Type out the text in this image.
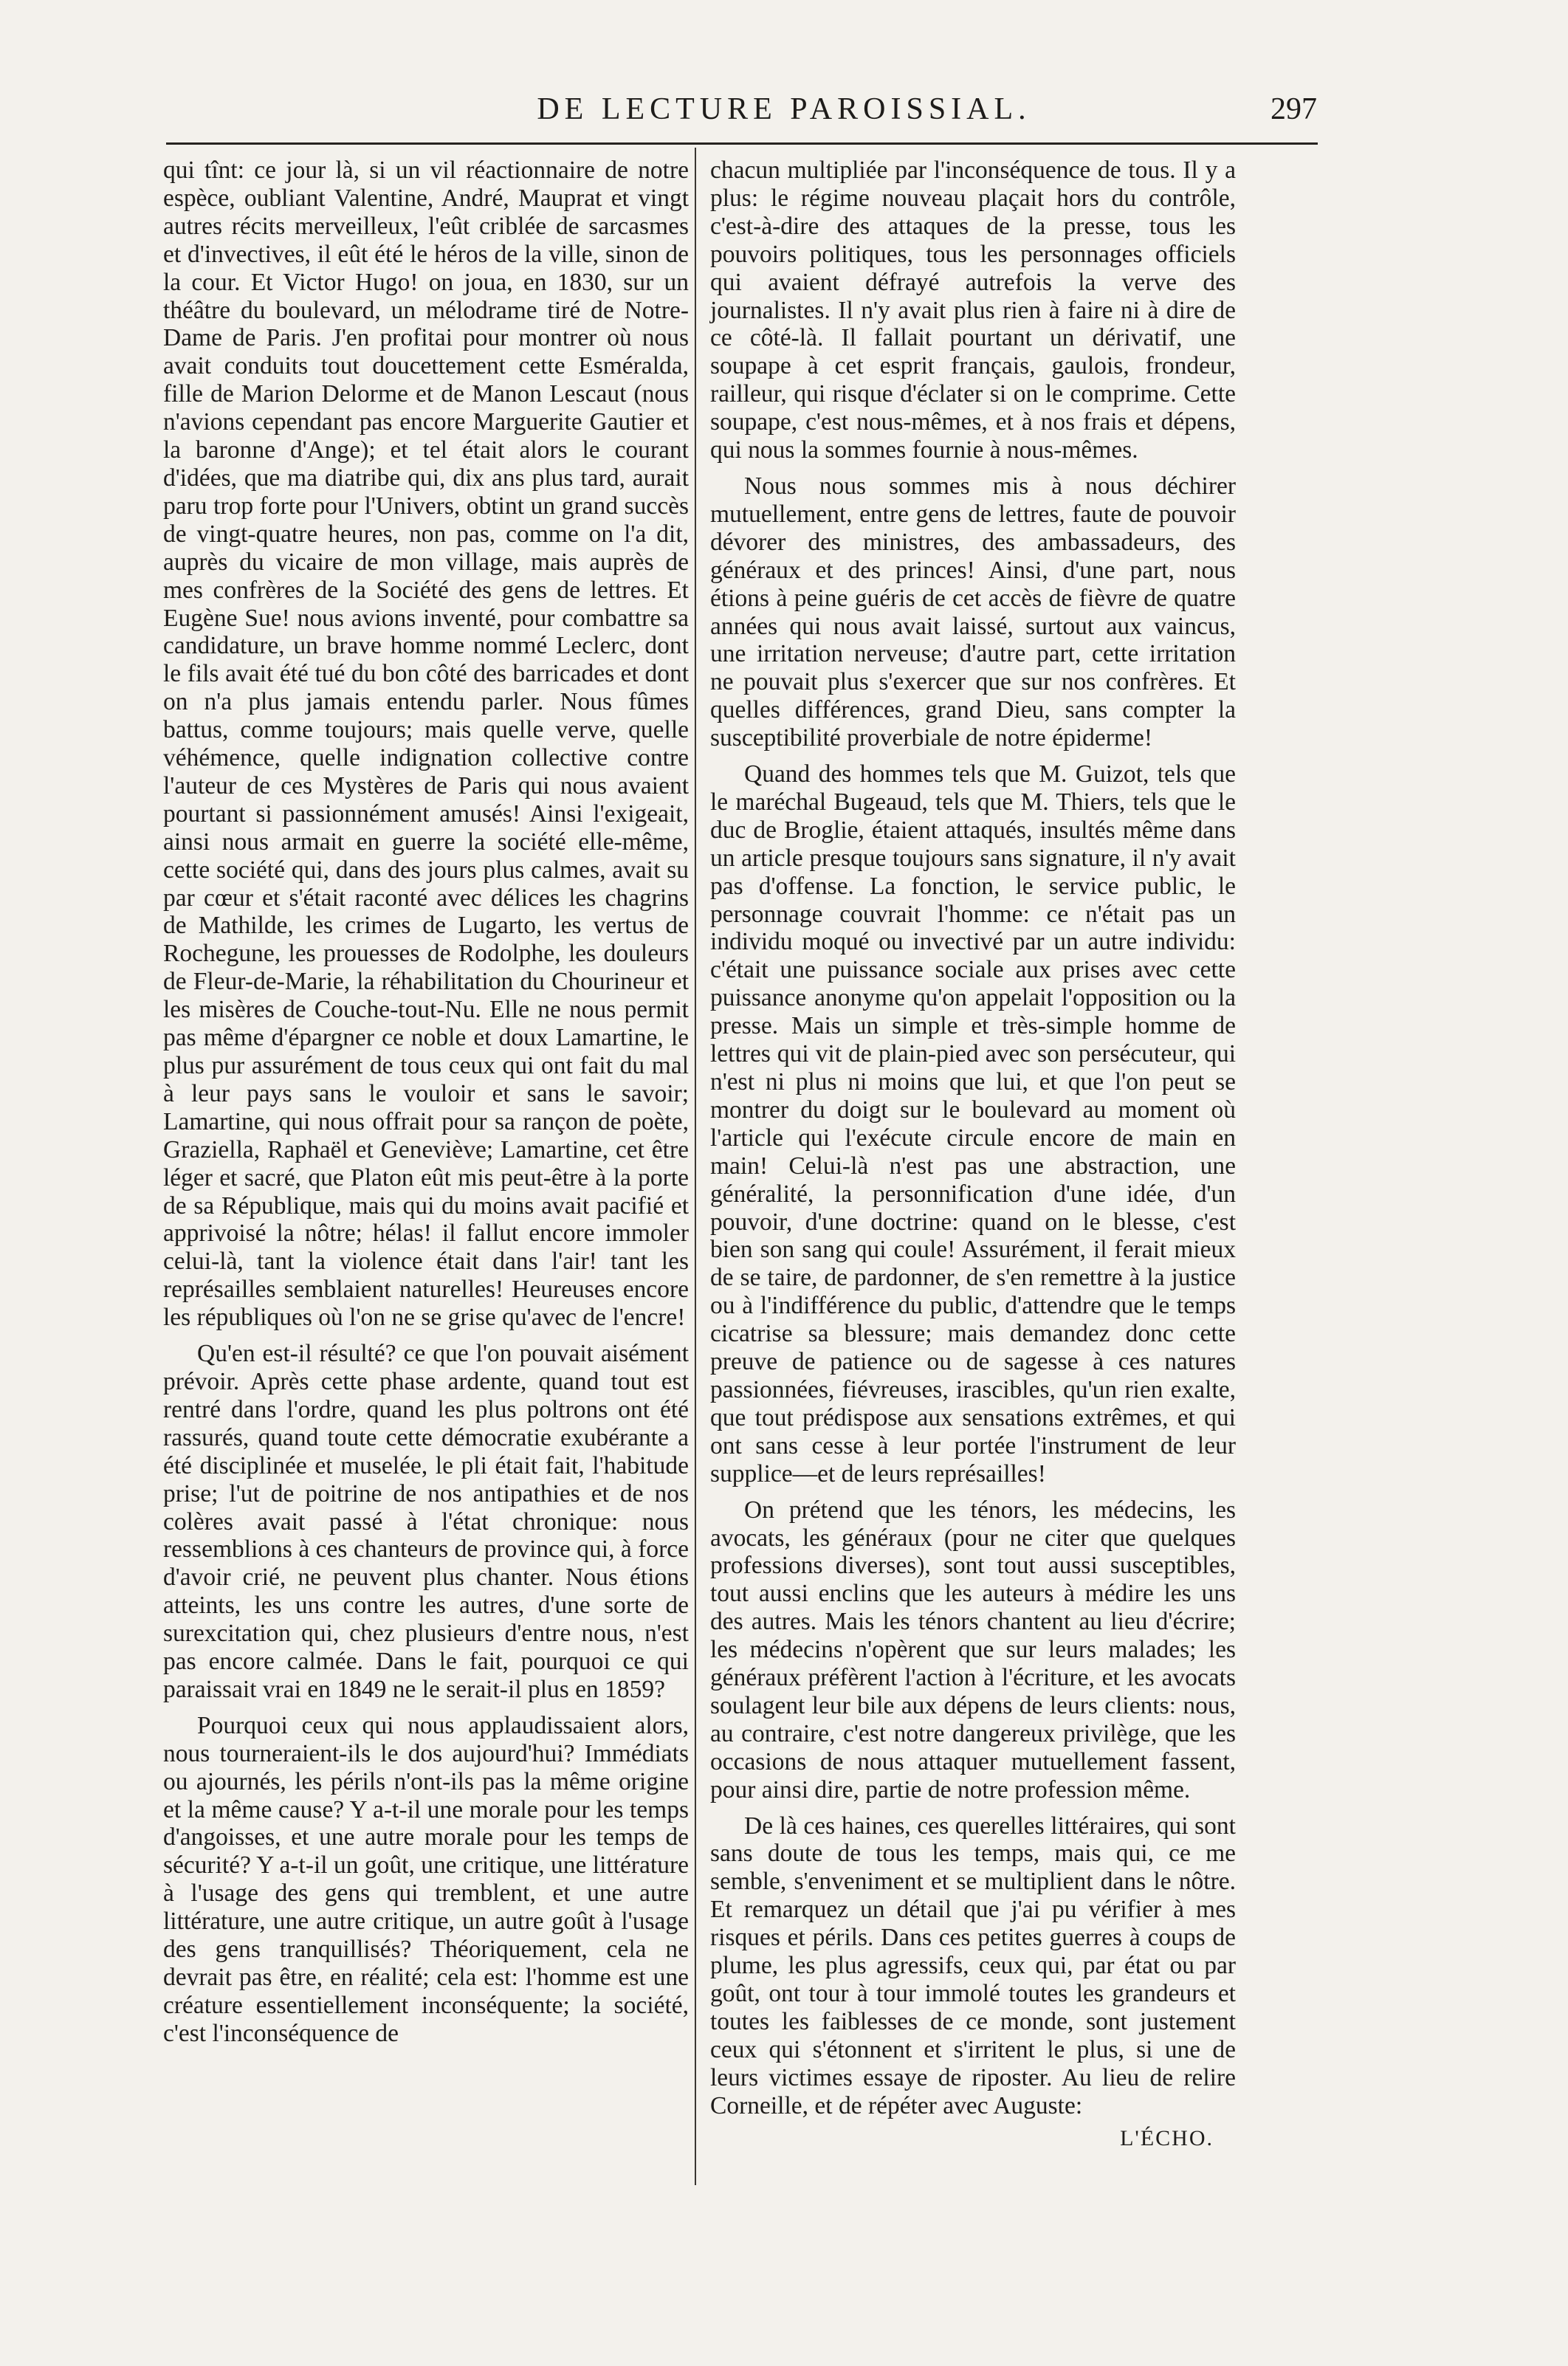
DE LECTURE PAROISSIAL.	297

qui tînt: ce jour là, si un vil réactionnaire de notre espèce, oubliant Valentine, André, Mauprat et vingt autres récits merveilleux, l'eût criblée de sarcasmes et d'invectives, il eût été le héros de la ville, sinon de la cour. Et Victor Hugo! on joua, en 1830, sur un théâtre du boulevard, un mélodrame tiré de Notre-Dame de Paris. J'en profitai pour montrer où nous avait conduits tout doucettement cette Esméralda, fille de Marion Delorme et de Manon Lescaut (nous n'avions cependant pas encore Marguerite Gautier et la baronne d'Ange); et tel était alors le courant d'idées, que ma diatribe qui, dix ans plus tard, aurait paru trop forte pour l'Univers, obtint un grand succès de vingt-quatre heures, non pas, comme on l'a dit, auprès du vicaire de mon village, mais auprès de mes confrères de la Société des gens de lettres. Et Eugène Sue! nous avions inventé, pour combattre sa candidature, un brave homme nommé Leclerc, dont le fils avait été tué du bon côté des barricades et dont on n'a plus jamais entendu parler. Nous fûmes battus, comme toujours; mais quelle verve, quelle véhémence, quelle indignation collective contre l'auteur de ces Mystères de Paris qui nous avaient pourtant si passionnément amusés! Ainsi l'exigeait, ainsi nous armait en guerre la société elle-même, cette société qui, dans des jours plus calmes, avait su par cœur et s'était raconté avec délices les chagrins de Mathilde, les crimes de Lugarto, les vertus de Rochegune, les prouesses de Rodolphe, les douleurs de Fleur-de-Marie, la réhabilitation du Chourineur et les misères de Couche-tout-Nu. Elle ne nous permit pas même d'épargner ce noble et doux Lamartine, le plus pur assurément de tous ceux qui ont fait du mal à leur pays sans le vouloir et sans le savoir; Lamartine, qui nous offrait pour sa rançon de poète, Graziella, Raphaël et Geneviève; Lamartine, cet être léger et sacré, que Platon eût mis peut-être à la porte de sa République, mais qui du moins avait pacifié et apprivoisé la nôtre; hélas! il fallut encore immoler celui-là, tant la violence était dans l'air! tant les représailles semblaient naturelles! Heureuses encore les républiques où l'on ne se grise qu'avec de l'encre!

Qu'en est-il résulté? ce que l'on pouvait aisément prévoir. Après cette phase ardente, quand tout est rentré dans l'ordre, quand les plus poltrons ont été rassurés, quand toute cette démocratie exubérante a été disciplinée et muselée, le pli était fait, l'habitude prise; l'ut de poitrine de nos antipathies et de nos colères avait passé à l'état chronique: nous ressemblions à ces chanteurs de province qui, à force d'avoir crié, ne peuvent plus chanter. Nous étions atteints, les uns contre les autres, d'une sorte de surexcitation qui, chez plusieurs d'entre nous, n'est pas encore calmée. Dans le fait, pourquoi ce qui paraissait vrai en 1849 ne le serait-il plus en 1859?

Pourquoi ceux qui nous applaudissaient alors, nous tourneraient-ils le dos aujourd'hui? Immédiats ou ajournés, les périls n'ont-ils pas la même origine et la même cause? Y a-t-il une morale pour les temps d'angoisses, et une autre morale pour les temps de sécurité? Y a-t-il un goût, une critique, une littérature à l'usage des gens qui tremblent, et une autre littérature, une autre critique, un autre goût à l'usage des gens tranquillisés? Théoriquement, cela ne devrait pas être, en réalité; cela est: l'homme est une créature essentiellement inconséquente; la société, c'est l'inconséquence de

chacun multipliée par l'inconséquence de tous. Il y a plus: le régime nouveau plaçait hors du contrôle, c'est-à-dire des attaques de la presse, tous les pouvoirs politiques, tous les personnages officiels qui avaient défrayé autrefois la verve des journalistes. Il n'y avait plus rien à faire ni à dire de ce côté-là. Il fallait pourtant un dérivatif, une soupape à cet esprit français, gaulois, frondeur, railleur, qui risque d'éclater si on le comprime. Cette soupape, c'est nous-mêmes, et à nos frais et dépens, qui nous la sommes fournie à nous-mêmes.

Nous nous sommes mis à nous déchirer mutuellement, entre gens de lettres, faute de pouvoir dévorer des ministres, des ambassadeurs, des généraux et des princes! Ainsi, d'une part, nous étions à peine guéris de cet accès de fièvre de quatre années qui nous avait laissé, surtout aux vaincus, une irritation nerveuse; d'autre part, cette irritation ne pouvait plus s'exercer que sur nos confrères. Et quelles différences, grand Dieu, sans compter la susceptibilité proverbiale de notre épiderme!

Quand des hommes tels que M. Guizot, tels que le maréchal Bugeaud, tels que M. Thiers, tels que le duc de Broglie, étaient attaqués, insultés même dans un article presque toujours sans signature, il n'y avait pas d'offense. La fonction, le service public, le personnage couvrait l'homme: ce n'était pas un individu moqué ou invectivé par un autre individu: c'était une puissance sociale aux prises avec cette puissance anonyme qu'on appelait l'opposition ou la presse. Mais un simple et très-simple homme de lettres qui vit de plain-pied avec son persécuteur, qui n'est ni plus ni moins que lui, et que l'on peut se montrer du doigt sur le boulevard au moment où l'article qui l'exécute circule encore de main en main! Celui-là n'est pas une abstraction, une généralité, la personnification d'une idée, d'un pouvoir, d'une doctrine: quand on le blesse, c'est bien son sang qui coule! Assurément, il ferait mieux de se taire, de pardonner, de s'en remettre à la justice ou à l'indifférence du public, d'attendre que le temps cicatrise sa blessure; mais demandez donc cette preuve de patience ou de sagesse à ces natures passionnées, fiévreuses, irascibles, qu'un rien exalte, que tout prédispose aux sensations extrêmes, et qui ont sans cesse à leur portée l'instrument de leur supplice—et de leurs représailles!

On prétend que les ténors, les médecins, les avocats, les généraux (pour ne citer que quelques professions diverses), sont tout aussi susceptibles, tout aussi enclins que les auteurs à médire les uns des autres. Mais les ténors chantent au lieu d'écrire; les médecins n'opèrent que sur leurs malades; les généraux préfèrent l'action à l'écriture, et les avocats soulagent leur bile aux dépens de leurs clients: nous, au contraire, c'est notre dangereux privilège, que les occasions de nous attaquer mutuellement fassent, pour ainsi dire, partie de notre profession même.

De là ces haines, ces querelles littéraires, qui sont sans doute de tous les temps, mais qui, ce me semble, s'enveniment et se multiplient dans le nôtre. Et remarquez un détail que j'ai pu vérifier à mes risques et périls. Dans ces petites guerres à coups de plume, les plus agressifs, ceux qui, par état ou par goût, ont tour à tour immolé toutes les grandeurs et toutes les faiblesses de ce monde, sont justement ceux qui s'étonnent et s'irritent le plus, si une de leurs victimes essaye de riposter. Au lieu de relire Corneille, et de répéter avec Auguste:

L'ÉCHO.
